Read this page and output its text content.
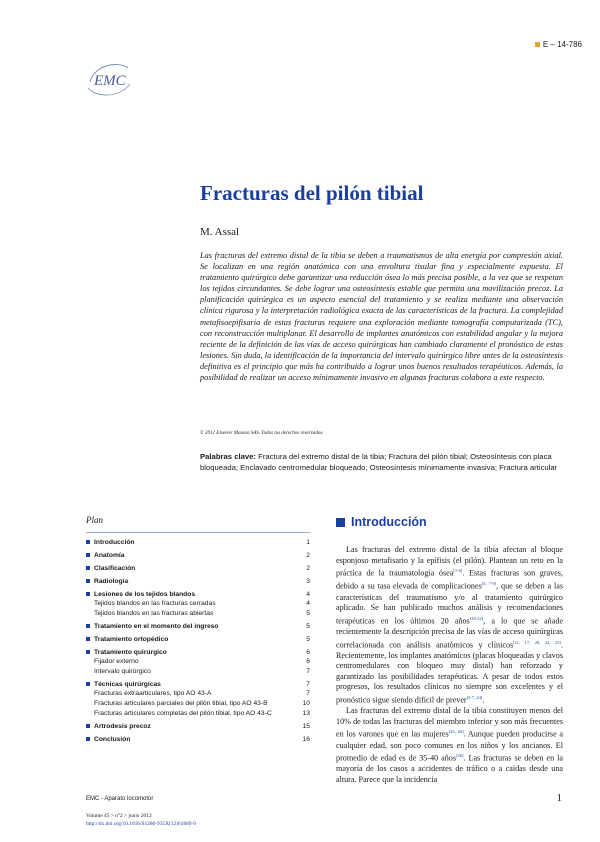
E – 14-786
EMC
Fracturas del pilón tibial
M. Assal

Las fracturas del extremo distal de la tibia se deben a traumatismos de alta energía por compresión axial. Se localizan en una región anatómica con una envoltura tisular fina y especialmente expuesta. El tratamiento quirúrgico debe garantizar una reducción ósea lo más precisa posible, a la vez que se respetan los tejidos circundantes. Se debe lograr una osteosíntesis estable que permita una movilización precoz. La planificación quirúrgica es un aspecto esencial del tratamiento y se realiza mediante una observación clínica rigurosa y la interpretación radiológica exacta de las características de la fractura. La complejidad metafisoepifisaria de estas fracturas requiere una exploración mediante tomografía computarizada (TC), con reconstrucción multiplanar. El desarrollo de implantes anatómicos con estabilidad angular y la mejora reciente de la definición de las vías de acceso quirúrgicas han cambiado claramente el pronóstico de estas lesiones. Sin duda, la identificación de la importancia del intervalo quirúrgico libre antes de la osteosíntesis definitiva es el principio que más ha contribuido a lograr unos buenos resultados terapéuticos. Además, la posibilidad de realizar un acceso mínimamente invasivo en algunas fracturas colabora a este respecto.

© 2012 Elsevier Masson SAS. Todos los derechos reservados.
Palabras clave: Fractura del extremo distal de la tibia; Fractura del pilón tibial; Osteosíntesis con placa bloqueada; Enclavado centromedular bloqueado; Osteosíntesis mínimamente invasiva; Fractura articular
Plan
Introducción	1
Anatomía	2
Clasificación	2
Radiología	3
Lesiones de los tejidos blandos	4
Tejidos blandos en las fracturas cerradas	4
Tejidos blandos en las fracturas abiertas	5
Tratamiento en el momento del ingreso	5
Tratamiento ortopédico	5
Tratamiento quirúrgico	6
Fijador externo	6
Intervalo quirúrgico	7
Técnicas quirúrgicas	7
Fracturas extraarticulares, tipo AO 43-A	7
Fracturas articulares parciales del pilón tibial, tipo AO 43-B	10
Fracturas articulares completas del pilón tibial, tipo AO 43-C	13
Artrodesis precoz	15
Conclusión	16
Introducción

Las fracturas del extremo distal de la tibia afectan al bloque esponjoso metafisario y la epífisis (el pilón). Plantean un reto en la práctica de la traumatología ósea[1-6]. Estas fracturas son graves, debido a su tasa elevada de complicaciones[5, 7-9], que se deben a las características del traumatismo y/o al tratamiento quirúrgico aplicado. Se han publicado muchos análisis y recomendaciones terapéuticas en los últimos 20 años[10-22], a lo que se añade recientemente la descripción precisa de las vías de acceso quirúrgicas correlacionada con análisis anatómicos y clínicos[11, 17, 20, 22, 23]. Recientemente, los implantes anatómicos (placas bloqueadas y clavos centromedulares con bloqueo muy distal) han reforzado y garantizado las posibilidades terapéuticas. A pesar de todos estos progresos, los resultados clínicos no siempre son excelentes y el pronóstico sigue siendo difícil de prever[5-7, 24].

Las fracturas del extremo distal de la tibia constituyen menos del 10% de todas las fracturas del miembro inferior y son más frecuentes en los varones que en las mujeres[25, 26]. Aunque pueden producirse a cualquier edad, son poco comunes en los niños y los ancianos. El promedio de edad es de 35-40 años[26]. Las fracturas se deben en la mayoría de los casos a accidentes de tráfico o a caídas desde una altura. Parece que la incidencia

EMC - Aparato locomotor
Volume 45 > n°2 > junio 2012
http://dx.doi.org/10.1016/S1286-935X(12)61889-9
1
